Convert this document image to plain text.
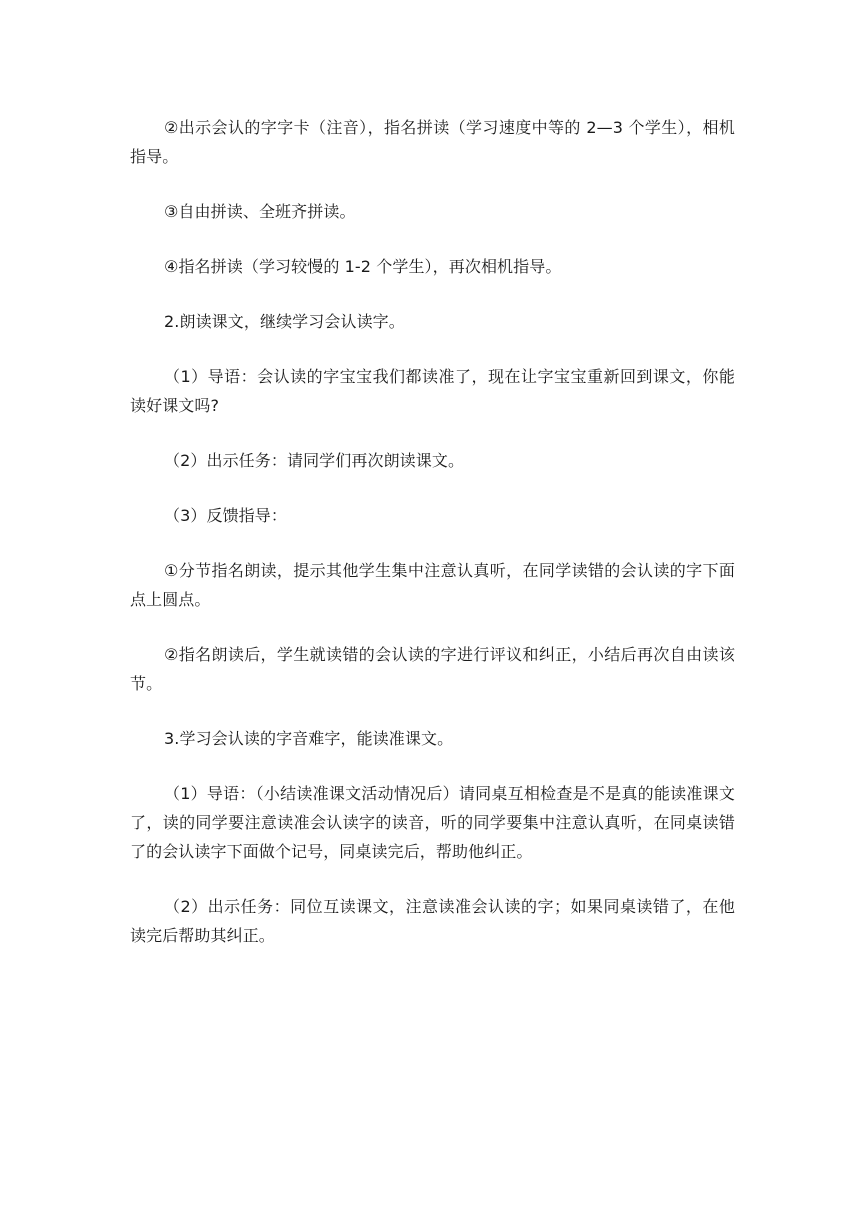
②出示会认的字字卡（注音），指名拼读（学习速度中等的 2—3 个学生），相机指导。

③自由拼读、全班齐拼读。

④指名拼读（学习较慢的 1-2 个学生），再次相机指导。

2.朗读课文，继续学习会认读字。

（1）导语：会认读的字宝宝我们都读准了，现在让字宝宝重新回到课文，你能读好课文吗?

（2）出示任务：请同学们再次朗读课文。

（3）反馈指导：

①分节指名朗读，提示其他学生集中注意认真听，在同学读错的会认读的字下面点上圆点。

②指名朗读后，学生就读错的会认读的字进行评议和纠正，小结后再次自由读该节。

3.学习会认读的字音难字，能读准课文。

（1）导语：（小结读准课文活动情况后）请同桌互相检查是不是真的能读准课文了，读的同学要注意读准会认读字的读音，听的同学要集中注意认真听，在同桌读错了的会认读字下面做个记号，同桌读完后，帮助他纠正。

（2）出示任务：同位互读课文，注意读准会认读的字；如果同桌读错了，在他读完后帮助其纠正。
